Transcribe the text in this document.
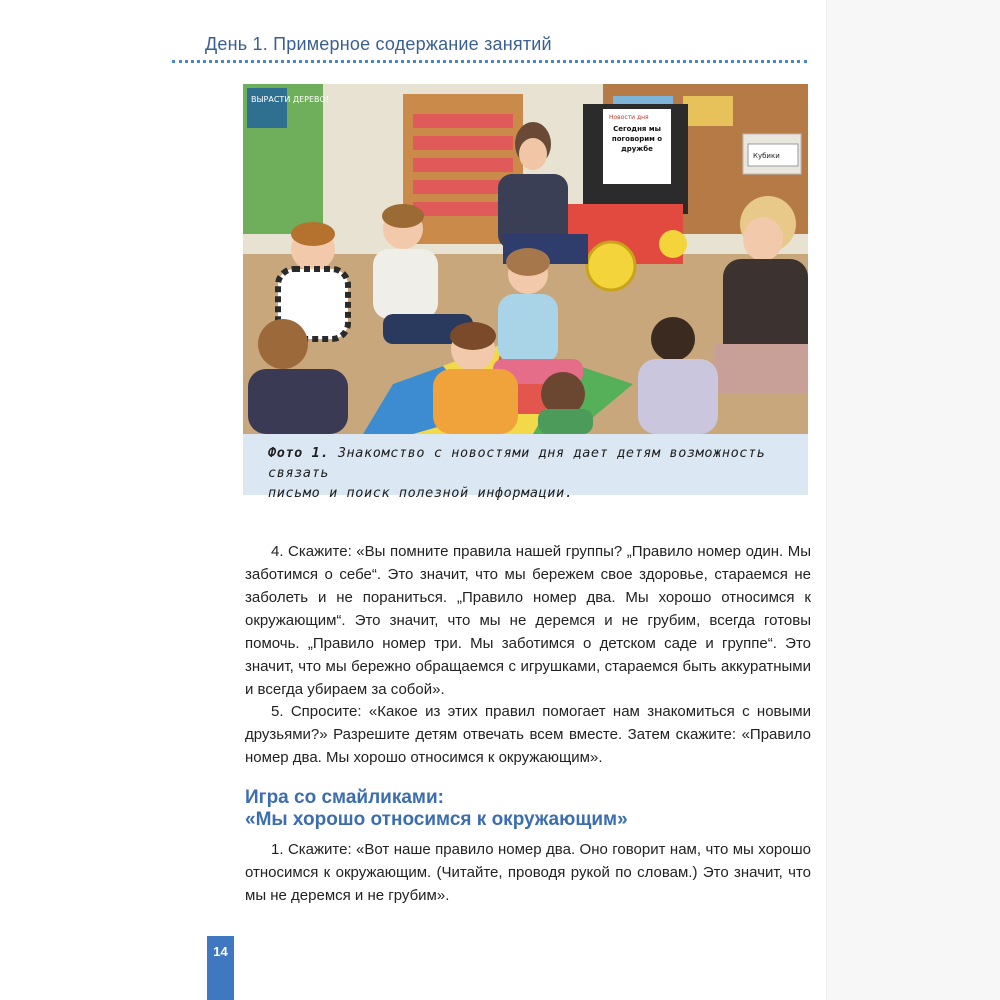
День 1. Примерное содержание занятий
ВЫРАСТИ ДЕРЕВО!
Новости дня
Сегодня мы поговорим о дружбе
Кубики
Фото 1. Знакомство с новостями дня дает детям возможность связать
письмо и поиск полезной информации.

4. Скажите: «Вы помните правила нашей группы? „Правило номер один. Мы заботимся о себе“. Это значит, что мы бережем свое здоровье, стараемся не заболеть и не пораниться. „Правило номер два. Мы хорошо относимся к окружающим“. Это значит, что мы не деремся и не грубим, всегда готовы помочь. „Правило номер три. Мы заботимся о детском саде и группе“. Это значит, что мы бережно обращаемся с игрушками, стараемся быть аккуратными и всегда убираем за собой».

5. Спросите: «Какое из этих правил помогает нам знакомиться с новыми друзьями?» Разрешите детям отвечать всем вместе. Затем скажите: «Правило номер два. Мы хорошо относимся к окружающим».

Игра со смайликами:
«Мы хорошо относимся к окружающим»

1. Скажите: «Вот наше правило номер два. Оно говорит нам, что мы хорошо относимся к окружающим. (Читайте, проводя рукой по словам.) Это значит, что мы не деремся и не грубим».

14
